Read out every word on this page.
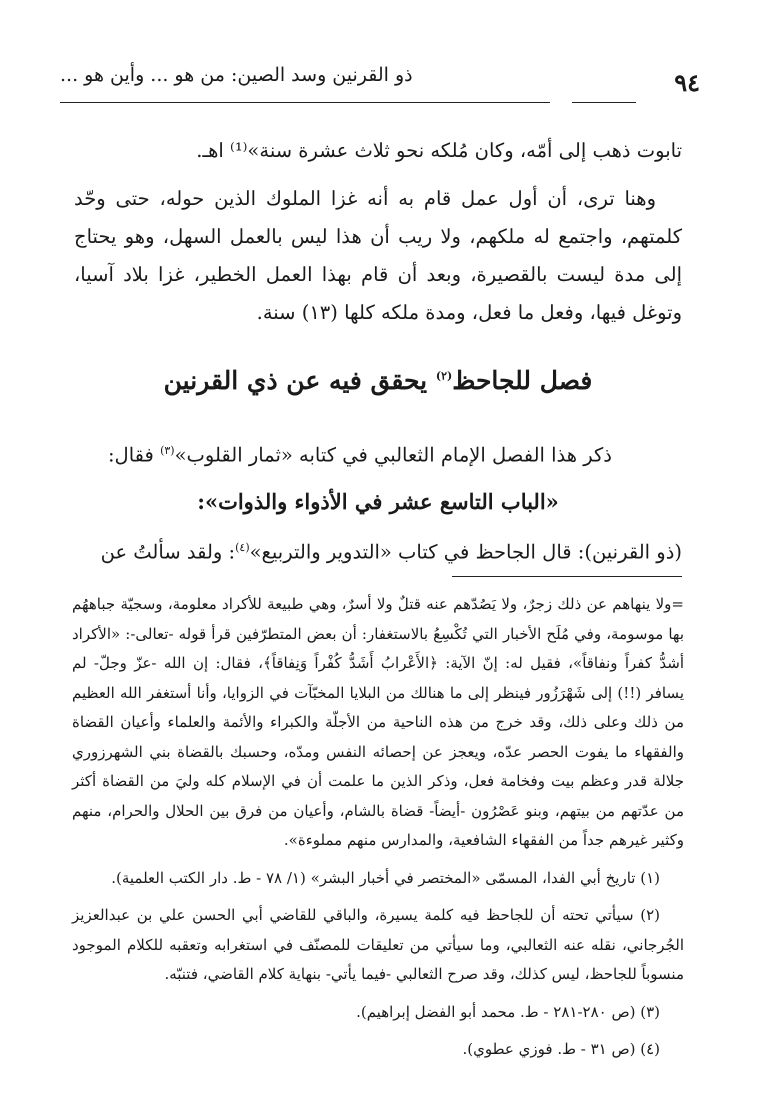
٩٤
ذو القرنين وسد الصين: من هو ... وأين هو ...

تابوت ذهب إلى أمّه، وكان مُلكه نحو ثلاث عشرة سنة»⁽¹⁾ اهـ.

وهنا ترى، أن أول عمل قام به أنه غزا الملوك الذين حوله، حتى وحّد كلمتهم، واجتمع له ملكهم، ولا ريب أن هذا ليس بالعمل السهل، وهو يحتاج إلى مدة ليست بالقصيرة، وبعد أن قام بهذا العمل الخطير، غزا بلاد آسيا، وتوغل فيها، وفعل ما فعل، ومدة ملكه كلها (١٣) سنة.

فصل للجاحظ$^{(٢)}$ يحقق فيه عن ذي القرنين
ذكر هذا الفصل الإمام الثعالبي في كتابه «ثمار القلوب»$^{(٣)}$ فقال:
«الباب التاسع عشر في الأذواء والذوات»:
(ذو القرنين): قال الجاحظ في كتاب «التدوير والتربيع»$^{(٤)}$: ولقد سألتُ عن

=ولا ينهاهم عن ذلك زجرٌ، ولا يَصُدّهم عنه قتلٌ ولا أسرٌ، وهي طبيعة للأكراد معلومة، وسجيّة جباههُم بها موسومة، وفي مُلَح الأخبار التي تُكْسِعُ بالاستغفار: أن بعض المتطرّفين قرأ قوله -تعالى-: «الأكراد أشدُّ كفراً ونفاقاً»، فقيل له: إنّ الآية: ﴿الأَعْرابُ أَشَدُّ كُفْراً وَنِفاقاً﴾، فقال: إن الله -عزّ وجلّ- لم يسافر (!!) إلى شَهْرَزُور فينظر إلى ما هنالك من البلايا المخبّآت في الزوايا، وأنا أستغفر الله العظيم من ذلك وعلى ذلك، وقد خرج من هذه الناحية من الأجلّة والكبراء والأئمة والعلماء وأعيان القضاة والفقهاء ما يفوت الحصر عدّه، ويعجز عن إحصائه النفس ومدّه، وحسبك بالقضاة بني الشهرزوري جلالة قدر وعظم بيت وفخامة فعل، وذكر الذين ما علمت أن في الإسلام كله وليَ من القضاة أكثر من عدّتهم من بيتهم، وبنو عَصْرُون -أيضاً- قضاة بالشام، وأعيان من فرق بين الحلال والحرام، منهم وكثير غيرهم جداً من الفقهاء الشافعية، والمدارس منهم مملوءة».

(١) تاريخ أبي الفدا، المسمّى «المختصر في أخبار البشر» (١/ ٧٨ - ط. دار الكتب العلمية).

(٢) سيأتي تحته أن للجاحظ فيه كلمة يسيرة، والباقي للقاضي أبي الحسن علي بن عبدالعزيز الجُرجاني، نقله عنه الثعالبي، وما سيأتي من تعليقات للمصنّف في استغرابه وتعقبه للكلام الموجود منسوباً للجاحظ، ليس كذلك، وقد صرح الثعالبي -فيما يأتي- بنهاية كلام القاضي، فتنبّه.

(٣) (ص ٢٨٠-٢٨١ - ط. محمد أبو الفضل إبراهيم).

(٤) (ص ٣١ - ط. فوزي عطوي).
